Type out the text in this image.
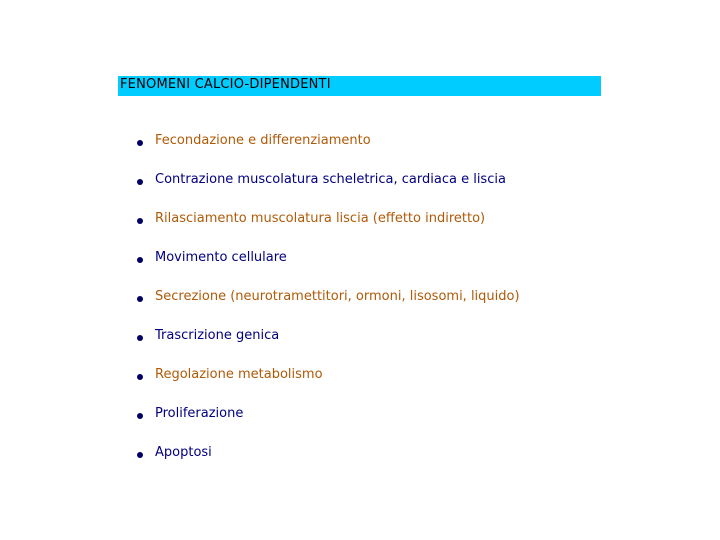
FENOMENI CALCIO-DIPENDENTI
Fecondazione e differenziamento
Contrazione muscolatura scheletrica, cardiaca e liscia
Rilasciamento muscolatura liscia (effetto indiretto)
Movimento cellulare
Secrezione (neurotramettitori, ormoni, lisosomi, liquido)
Trascrizione genica
Regolazione metabolismo
Proliferazione
Apoptosi
